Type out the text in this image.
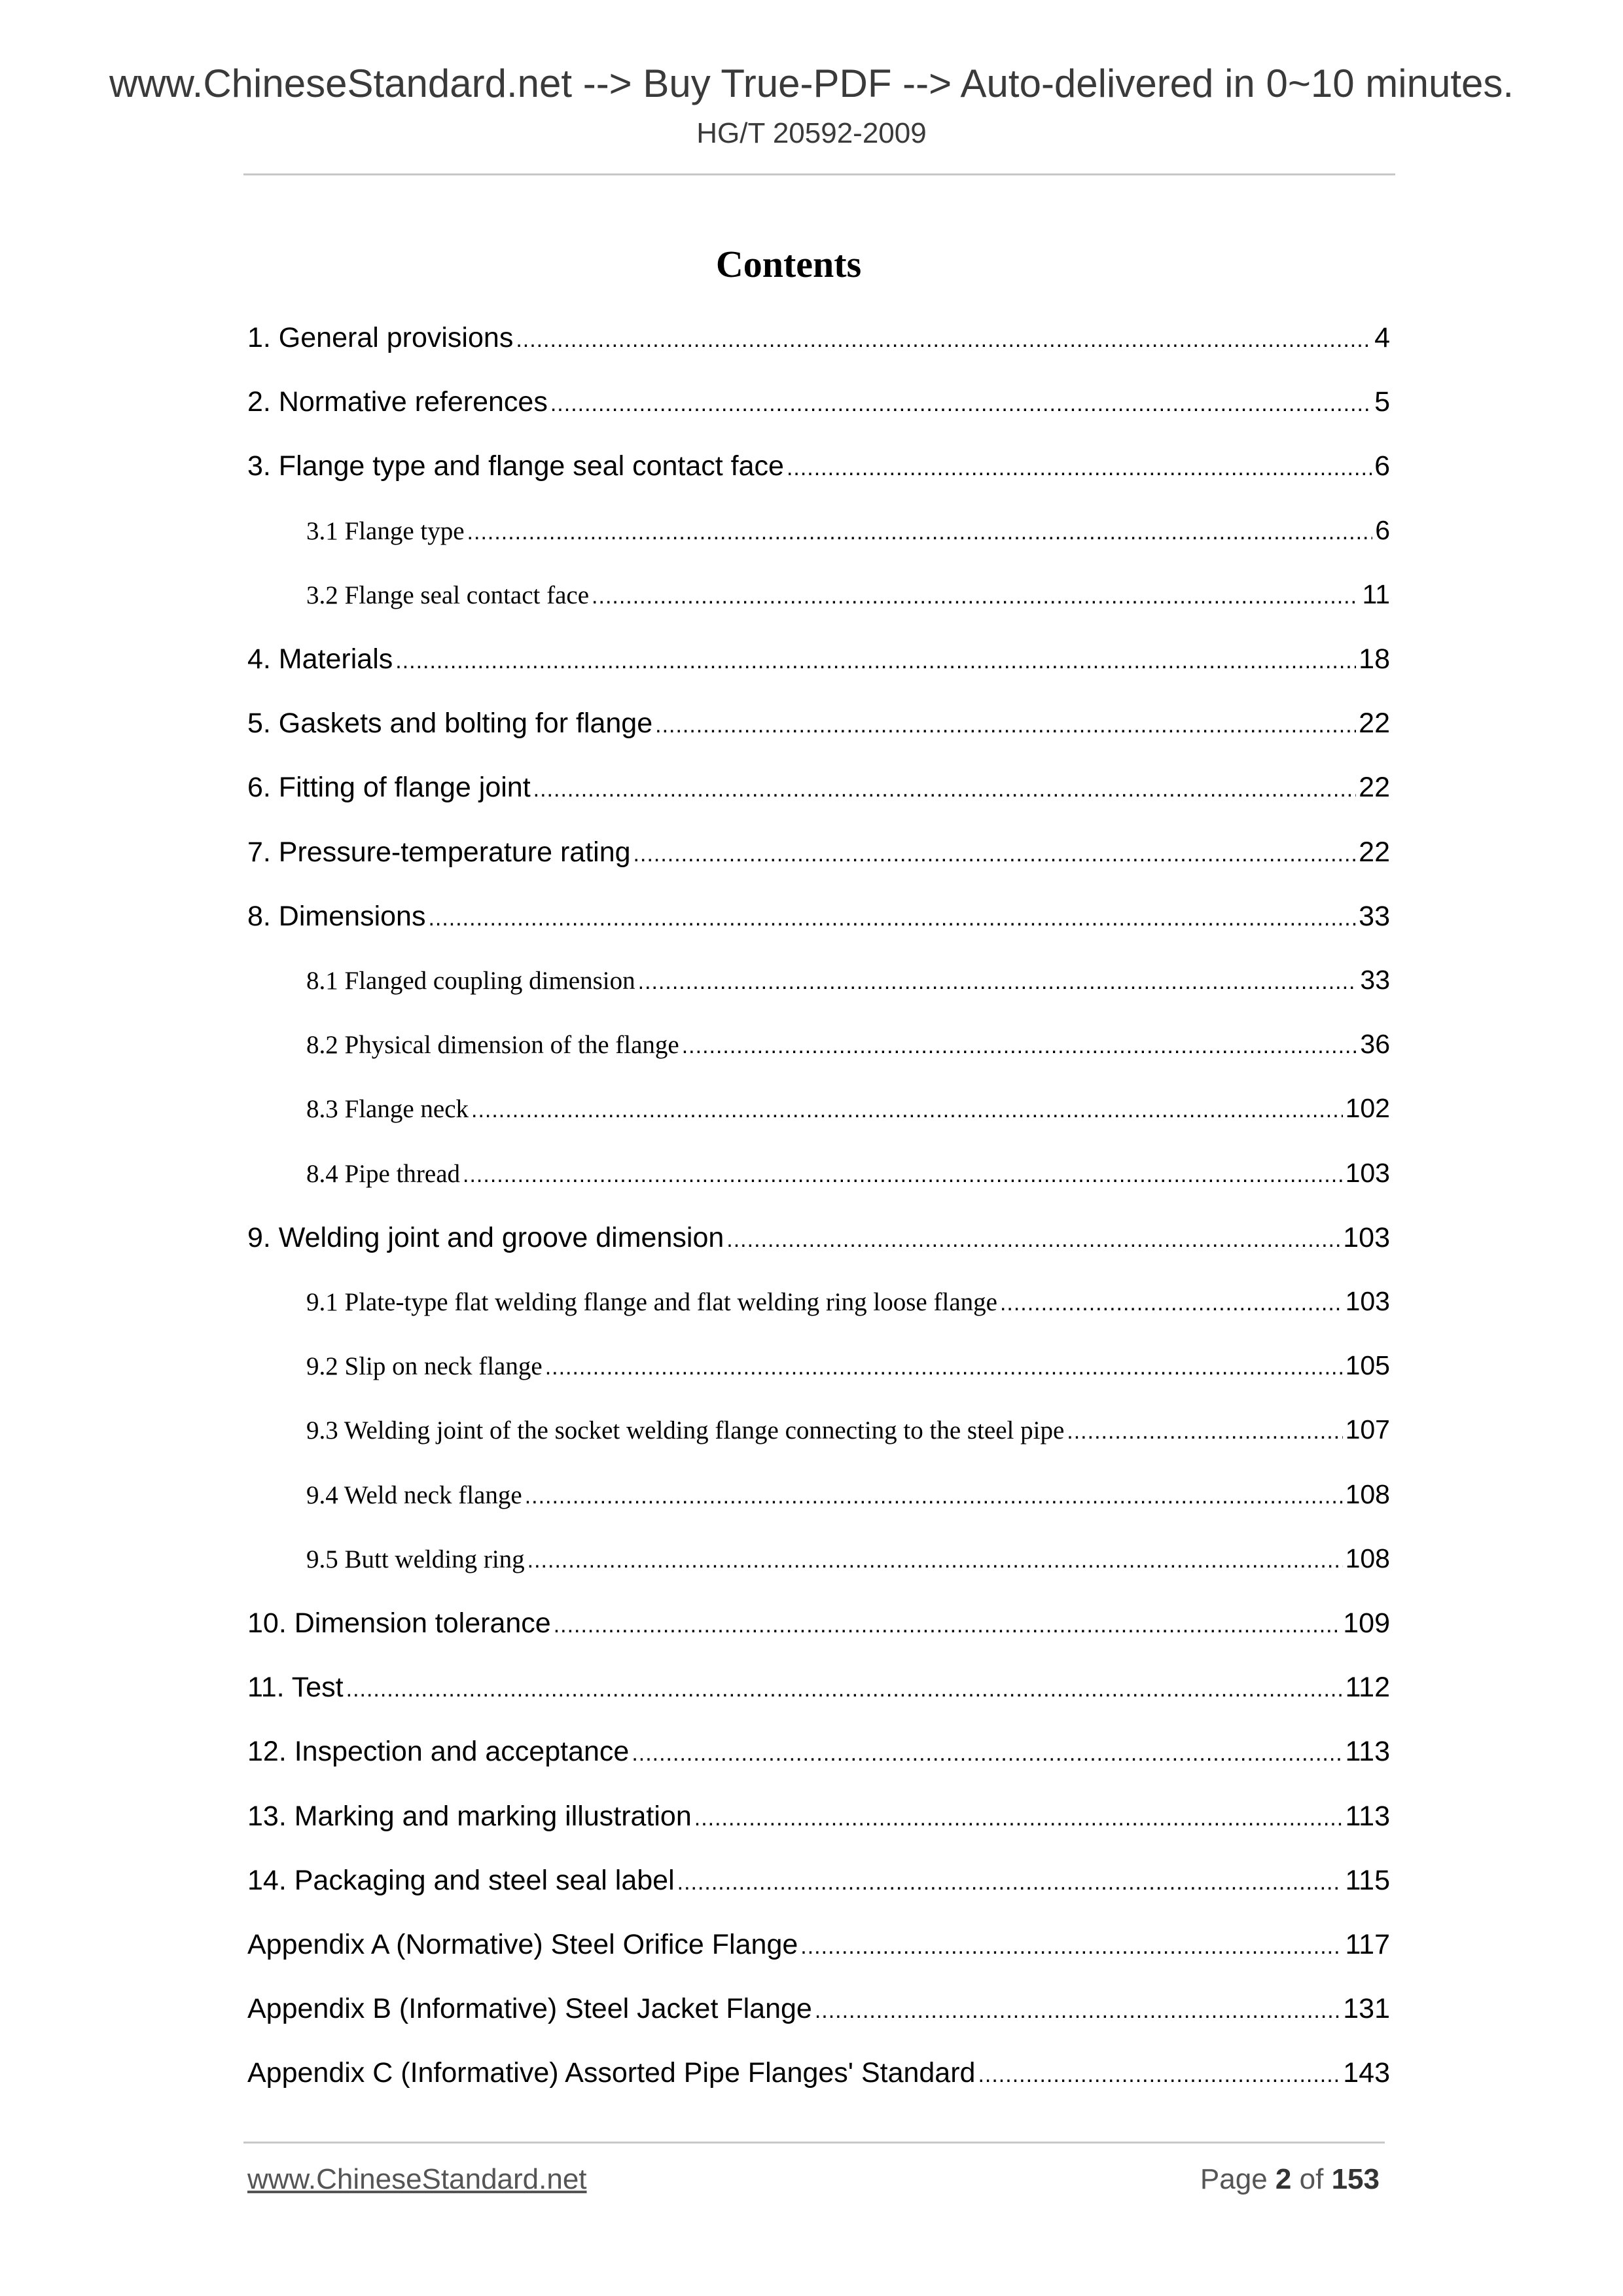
www.ChineseStandard.net --> Buy True-PDF --> Auto-delivered in 0~10 minutes.
HG/T 20592-2009
Contents
1. General provisions .....	4
2. Normative references .....	5
3. Flange type and flange seal contact face .....	6
3.1 Flange type .....	6
3.2 Flange seal contact face .....	11
4. Materials .....	18
5. Gaskets and bolting for flange .....	22
6. Fitting of flange joint .....	22
7. Pressure-temperature rating .....	22
8. Dimensions .....	33
8.1 Flanged coupling dimension .....	33
8.2 Physical dimension of the flange .....	36
8.3 Flange neck .....	102
8.4 Pipe thread .....	103
9. Welding joint and groove dimension .....	103
9.1 Plate-type flat welding flange and flat welding ring loose flange .....	103
9.2 Slip on neck flange .....	105
9.3 Welding joint of the socket welding flange connecting to the steel pipe .....	107
9.4 Weld neck flange .....	108
9.5 Butt welding ring .....	108
10. Dimension tolerance .....	109
11. Test .....	112
12. Inspection and acceptance .....	113
13. Marking and marking illustration .....	113
14. Packaging and steel seal label .....	115
Appendix A (Normative) Steel Orifice Flange .....	117
Appendix B (Informative) Steel Jacket Flange .....	131
Appendix C (Informative) Assorted Pipe Flanges' Standard .....	143
www.ChineseStandard.net	Page 2 of 153
